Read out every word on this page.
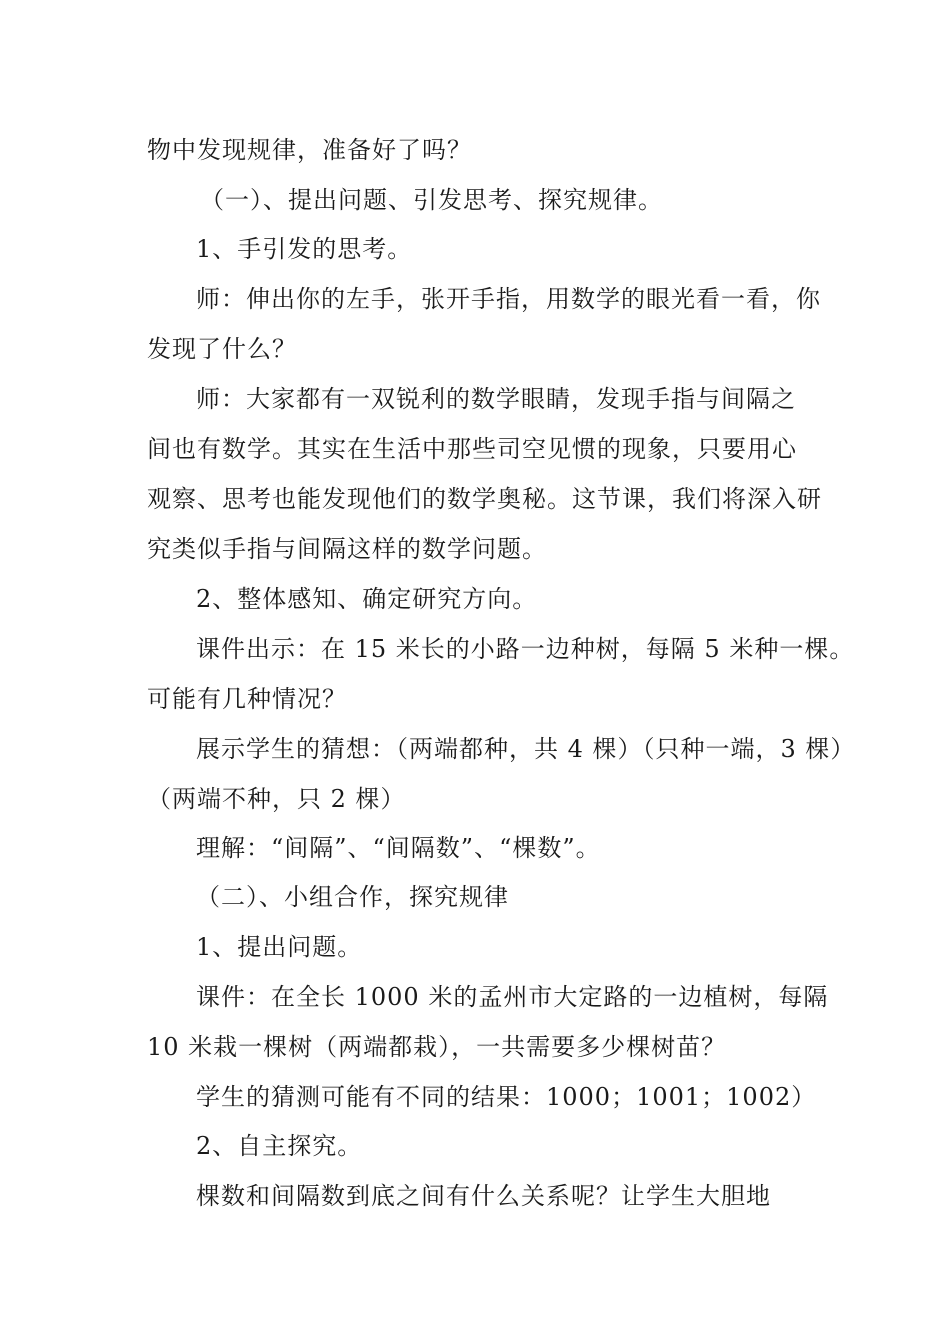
物中发现规律，准备好了吗？
（一）、提出问题、引发思考、探究规律。
1、手引发的思考。
师：伸出你的左手，张开手指，用数学的眼光看一看，你
发现了什么？
师：大家都有一双锐利的数学眼睛，发现手指与间隔之
间也有数学。其实在生活中那些司空见惯的现象，只要用心
观察、思考也能发现他们的数学奥秘。这节课，我们将深入研
究类似手指与间隔这样的数学问题。
2、整体感知、确定研究方向。
课件出示：在 15 米长的小路一边种树，每隔 5 米种一棵。
可能有几种情况？
展示学生的猜想：（两端都种，共 4 棵）（只种一端，3 棵）
（两端不种，只 2 棵）
理解：“间隔”、“间隔数”、“棵数”。
（二）、小组合作，探究规律
1、提出问题。
课件：在全长 1000 米的孟州市大定路的一边植树，每隔
10 米栽一棵树（两端都栽），一共需要多少棵树苗？
学生的猜测可能有不同的结果：1000；1001；1002）
2、自主探究。
棵数和间隔数到底之间有什么关系呢？让学生大胆地
